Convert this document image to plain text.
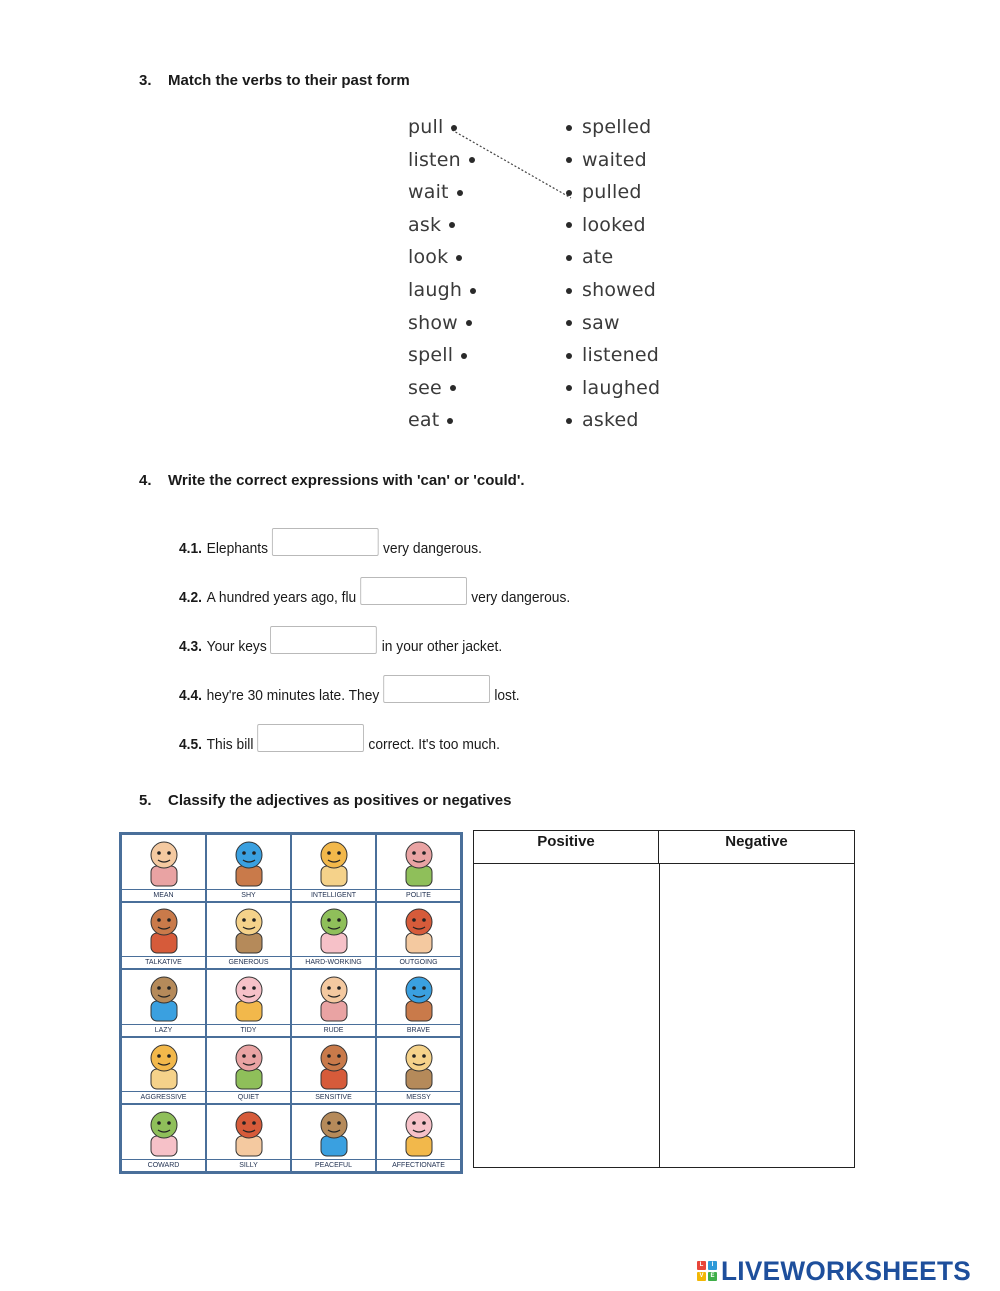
3. Match the verbs to their past form
pull
listen
wait
ask
look
laugh
show
spell
see
eat
spelled
waited
pulled
looked
ate
showed
saw
listened
laughed
asked
4. Write the correct expressions with 'can' or 'could'.
4.1. Elephants	very dangerous.
4.2. A hundred years ago, flu	very dangerous.
4.3. Your keys	in your other jacket.
4.4. hey're 30 minutes late. They	lost.
4.5. This bill	correct. It's too much.
5. Classify the adjectives as positives or negatives
MEAN	SHY	INTELLIGENT	POLITE
TALKATIVE	GENEROUS	HARD-WORKING	OUTGOING
LAZY	TIDY	RUDE	BRAVE
AGGRESSIVE	QUIET	SENSITIVE	MESSY
COWARD	SILLY	PEACEFUL	AFFECTIONATE
Positive	Negative
L	I
V	E LIVEWORKSHEETS
